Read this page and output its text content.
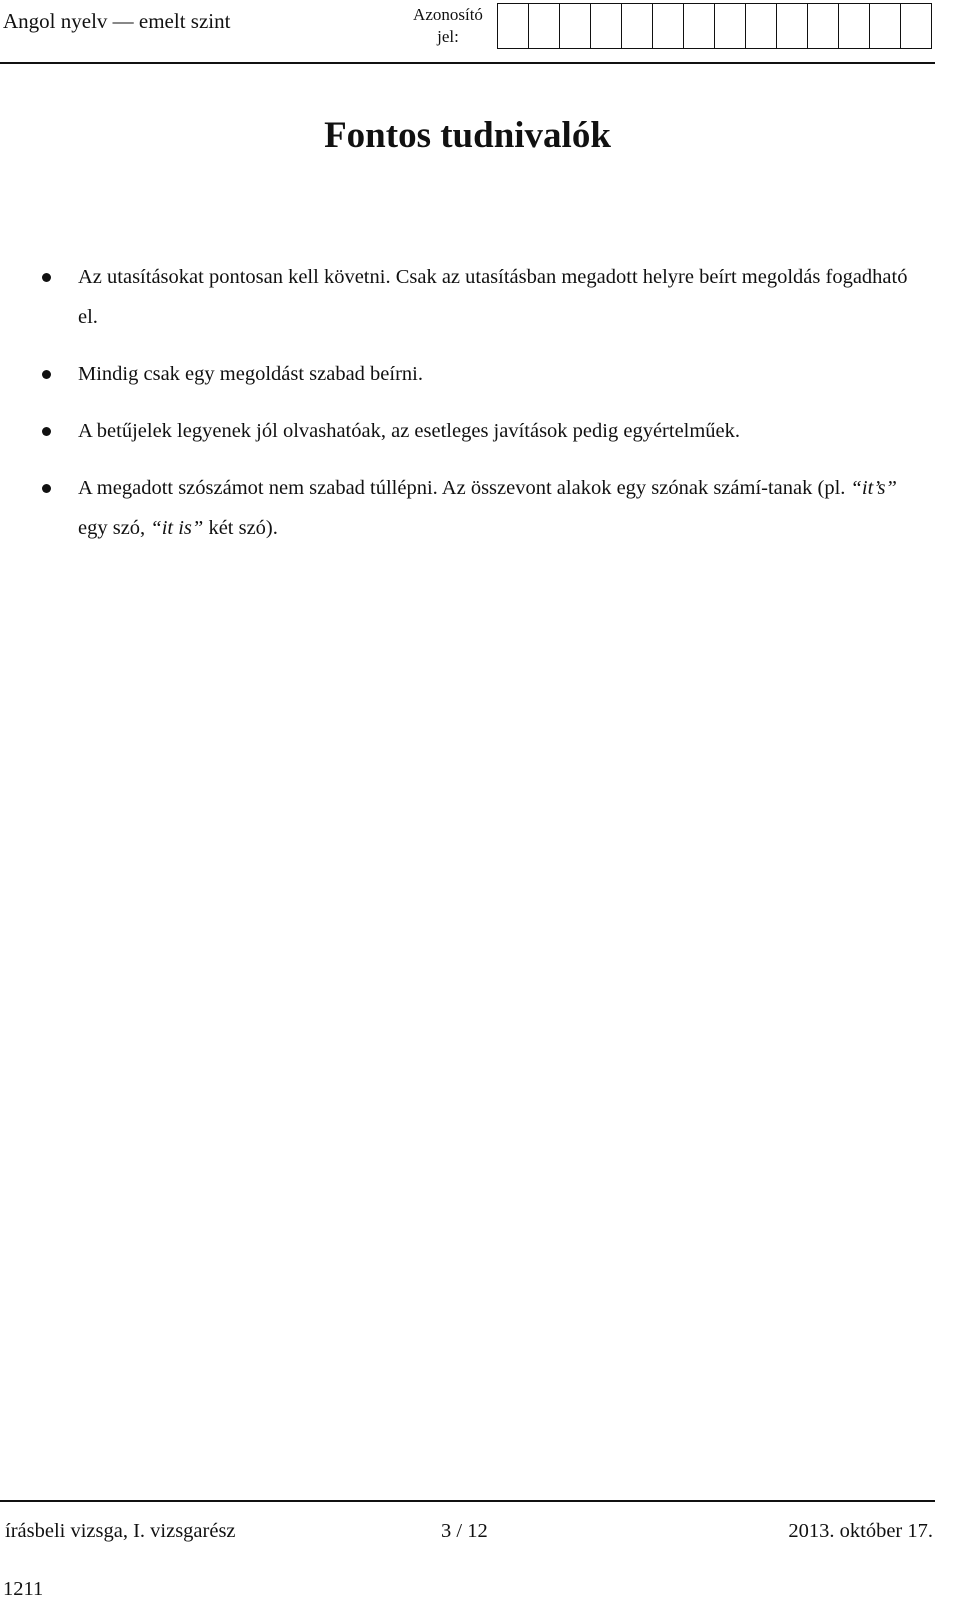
Angol nyelv — emelt szint	Azonosító
jel:
Fontos tudnivalók
Az utasításokat pontosan kell követni. Csak az utasításban megadott helyre beírt megoldás fogadható el.
Mindig csak egy megoldást szabad beírni.
A betűjelek legyenek jól olvashatóak, az esetleges javítások pedig egyértelműek.
A megadott szószámot nem szabad túllépni. Az összevont alakok egy szónak számí-tanak (pl. “it’s” egy szó, “it is” két szó).
írásbeli vizsga, I. vizsgarész	3 / 12	2013. október 17.
1211
